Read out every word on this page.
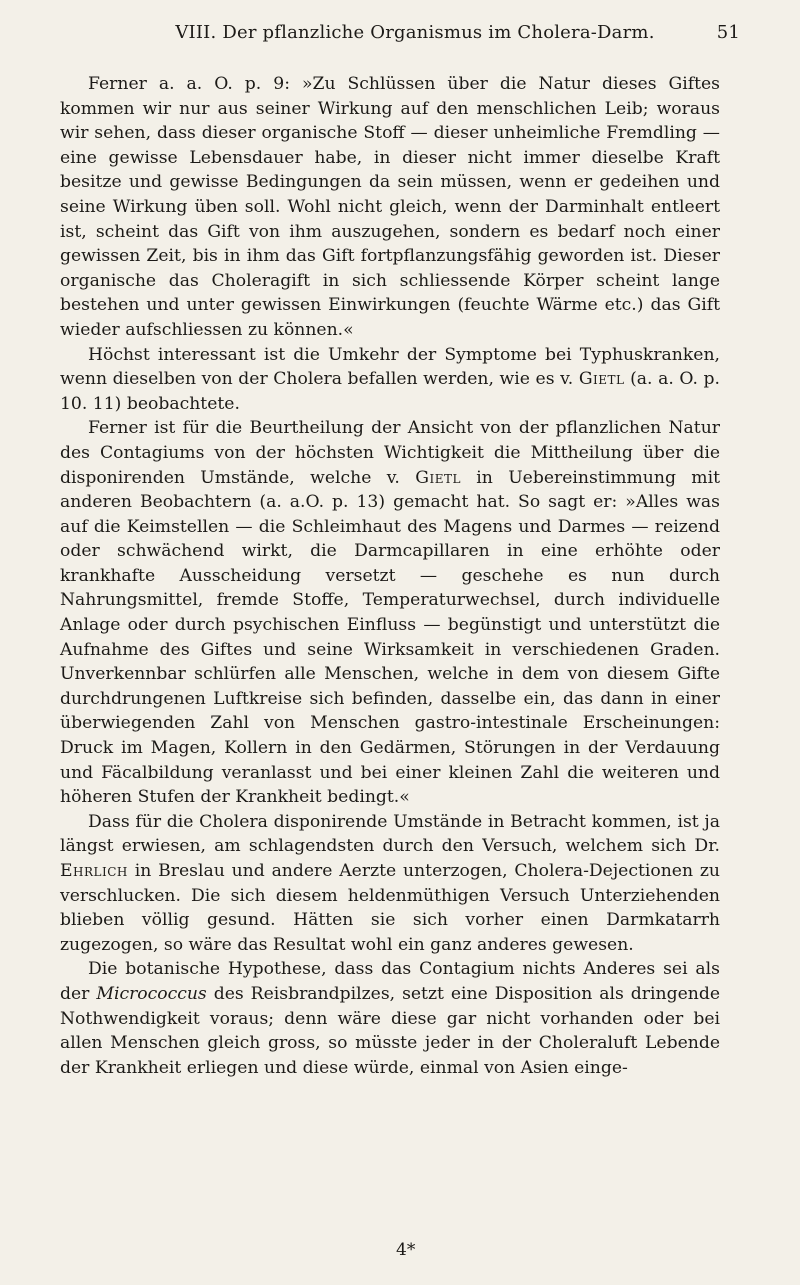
VIII. Der pflanzliche Organismus im Cholera-Darm.	51

Ferner a. a. O. p. 9: »Zu Schlüssen über die Natur dieses Giftes kommen wir nur aus seiner Wirkung auf den menschlichen Leib; woraus wir sehen, dass dieser organische Stoff — dieser unheimliche Fremdling — eine gewisse Lebensdauer habe, in dieser nicht immer dieselbe Kraft besitze und gewisse Bedingungen da sein müssen, wenn er gedeihen und seine Wirkung üben soll. Wohl nicht gleich, wenn der Darminhalt entleert ist, scheint das Gift von ihm auszugehen, sondern es bedarf noch einer gewissen Zeit, bis in ihm das Gift fortpflanzungsfähig geworden ist. Dieser organische das Choleragift in sich schliessende Körper scheint lange bestehen und unter gewissen Einwirkungen (feuchte Wärme etc.) das Gift wieder aufschliessen zu können.«

Höchst interessant ist die Umkehr der Symptome bei Typhuskranken, wenn dieselben von der Cholera befallen werden, wie es v. Gietl (a. a. O. p. 10. 11) beobachtete.

Ferner ist für die Beurtheilung der Ansicht von der pflanzlichen Natur des Contagiums von der höchsten Wichtigkeit die Mittheilung über die disponirenden Umstände, welche v. Gietl in Uebereinstimmung mit anderen Beobachtern (a. a.O. p. 13) gemacht hat. So sagt er: »Alles was auf die Keimstellen — die Schleimhaut des Magens und Darmes — reizend oder schwächend wirkt, die Darmcapillaren in eine erhöhte oder krankhafte Ausscheidung versetzt — geschehe es nun durch Nahrungsmittel, fremde Stoffe, Temperaturwechsel, durch individuelle Anlage oder durch psychischen Einfluss — begünstigt und unterstützt die Aufnahme des Giftes und seine Wirksamkeit in verschiedenen Graden. Unverkennbar schlürfen alle Menschen, welche in dem von diesem Gifte durchdrungenen Luftkreise sich befinden, dasselbe ein, das dann in einer überwiegenden Zahl von Menschen gastro-intestinale Erscheinungen: Druck im Magen, Kollern in den Gedärmen, Störungen in der Verdauung und Fäcalbildung veranlasst und bei einer kleinen Zahl die weiteren und höheren Stufen der Krankheit bedingt.«

Dass für die Cholera disponirende Umstände in Betracht kommen, ist ja längst erwiesen, am schlagendsten durch den Versuch, welchem sich Dr. Ehrlich in Breslau und andere Aerzte unterzogen, Cholera-Dejectionen zu verschlucken. Die sich diesem heldenmüthigen Versuch Unterziehenden blieben völlig gesund. Hätten sie sich vorher einen Darmkatarrh zugezogen, so wäre das Resultat wohl ein ganz anderes gewesen.

Die botanische Hypothese, dass das Contagium nichts Anderes sei als der Micrococcus des Reisbrandpilzes, setzt eine Disposition als dringende Nothwendigkeit voraus; denn wäre diese gar nicht vorhanden oder bei allen Menschen gleich gross, so müsste jeder in der Choleraluft Lebende der Krankheit erliegen und diese würde, einmal von Asien einge-

4*
